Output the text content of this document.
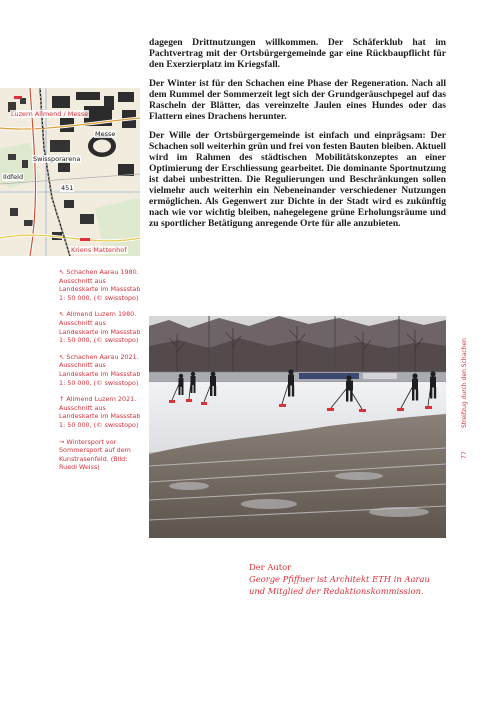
dagegen Drittnutzungen willkommen. Der Schäferklub hat im Pachtvertrag mit der Ortsbürgergemeinde gar eine Rückbaupflicht für den Exerzierplatz im Kriegsfall.

Der Winter ist für den Schachen eine Phase der Regeneration. Nach all dem Rummel der Sommerzeit legt sich der Grundgeräuschpegel auf das Rascheln der Blätter, das vereinzelte Jaulen eines Hundes oder das Flattern eines Drachens herunter.

Der Wille der Ortsbürgergemeinde ist einfach und einprägsam: Der Schachen soll weiterhin grün und frei von festen Bauten bleiben. Aktuell wird im Rahmen des städtischen Mobilitätskonzeptes an einer Optimierung der Erschliessung gearbeitet. Die dominante Sportnutzung ist dabei unbestritten. Die Regulierungen und Beschränkungen sollen vielmehr auch weiterhin ein Nebeneinander verschiedener Nutzungen ermöglichen. Als Gegenwert zur Dichte in der Stadt wird es zukünftig nach wie vor wichtig bleiben, nahegelegene grüne Erholungsräume und zu sportlicher Betätigung anregende Orte für alle anzubieten.

Luzern Allmend / Messe
Messe
Swissporarena
Ildfeld
451
Kriens Mattenhof

↖ Schachen Aarau 1980. Ausschnitt aus Landeskarte im Massstab 1: 50 000, (© swisstopo)

↖ Allmend Luzern 1980. Ausschnitt aus Landeskarte im Massstab 1: 50 000, (© swisstopo)

↖ Schachen Aarau 2021. Ausschnitt aus Landeskarte im Massstab 1: 50 000, (© swisstopo)

↑ Allmend Luzern 2021. Ausschnitt aus Landeskarte im Massstab 1: 50 000, (© swisstopo)

→ Wintersport vor Sommersport auf dem Kunstrasenfeld. (Bild: Ruedi Weiss)

Der Autor
George Pfiffner ist Architekt ETH in Aarau
und Mitglied der Redaktionskommission.
Streifzug durch den Schachen
77
